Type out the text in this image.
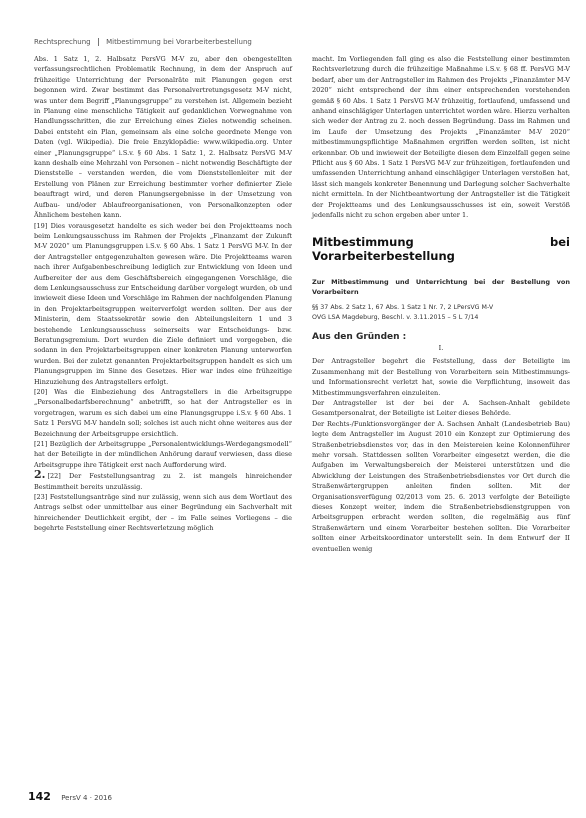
Rechtsprechung Mitbestimmung bei Vorarbeiterbestellung

Abs. 1 Satz 1, 2. Halbsatz PersVG M-V zu, aber den obengestellten verfassungsrechtlichen Problematik Rechnung, in dem der Anspruch auf frühzeitige Unterrichtung der Personalräte mit Planungen gegen erst begonnen wird. Zwar bestimmt das Personalvertretungsgesetz M-V nicht, was unter dem Begriff „Planungsgruppe“ zu verstehen ist. Allgemein bezieht in Planung eine menschliche Tätigkeit auf gedanklichen Vorwegnahme von Handlungsschritten, die zur Erreichung eines Zieles notwendig scheinen. Dabei entsteht ein Plan, gemeinsam als eine solche geordnete Menge von Daten (vgl. Wikipedia). Die freie Enzyklopädie: www.wikipedia.org. Unter einer „Planungsgruppe“ i.S.v. § 60 Abs. 1 Satz 1, 2. Halbsatz PersVG M-V kann deshalb eine Mehrzahl von Personen – nicht notwendig Beschäftigte der Dienststelle – verstanden werden, die vom Dienststellenleiter mit der Erstellung von Plänen zur Erreichung bestimmter vorher definierter Ziele beauftragt wird, und deren Planungsergebnisse in der Umsetzung von Aufbau- und/oder Ablaufreorganisationen, von Personalkonzepten oder Ähnlichem bestehen kann.

[19] Dies vorausgesetzt handelte es sich weder bei den Projektteams noch beim Lenkungsausschuss im Rahmen der Projekts „Finanzamt der Zukunft M-V 2020“ um Planungsgruppen i.S.v. § 60 Abs. 1 Satz 1 PersVG M-V. In der der Antragsteller entgegenzuhalten gewesen wäre. Die Projektteams waren nach ihrer Aufgabenbeschreibung lediglich zur Entwicklung von Ideen und Aufbereiter der aus dem Geschäftsbereich eingegangenen Vorschläge, die dem Lenkungsausschuss zur Entscheidung darüber vorgelegt wurden, ob und inwieweit diese Ideen und Vorschläge im Rahmen der nachfolgenden Planung in den Projektarbeitsgruppen weiterverfolgt werden sollten. Der aus der Ministerin, dem Staatssekretär sowie den Abteilungsleitern 1 und 3 bestehende Lenkungsausschuss seinerseits war Entscheidungs- bzw. Beratungsgremium. Dort wurden die Ziele definiert und vorgegeben, die sodann in den Projektarbeitsgruppen einer konkreten Planung unterworfen wurden. Bei der zuletzt genannten Projektarbeitsgruppen handelt es sich um Planungsgruppen im Sinne des Gesetzes. Hier war indes eine frühzeitige Hinzuziehung des Antragstellers erfolgt.

[20] Was die Einbeziehung des Antragstellers in die Arbeitsgruppe „Personalbedarfsberechnung“ anbetrifft, so hat der Antragsteller es in vorgetragen, warum es sich dabei um eine Planungsgruppe i.S.v. § 60 Abs. 1 Satz 1 PersVG M-V handeln soll; solches ist auch nicht ohne weiteres aus der Bezeichnung der Arbeitsgruppe ersichtlich.

[21] Bezüglich der Arbeitsgruppe „Personalentwicklungs-Werdegangsmodell“ hat der Beteiligte in der mündlichen Anhörung darauf verwiesen, dass diese Arbeitsgruppe ihre Tätigkeit erst nach Aufforderung wird.

2. [22] Der Feststellungsantrag zu 2. ist mangels hinreichender Bestimmtheit bereits unzulässig.

[23] Feststellungsanträge sind nur zulässig, wenn sich aus dem Wortlaut des Antrags selbst oder unmittelbar aus einer Begründung ein Sachverhalt mit hinreichender Deutlichkeit ergibt, der – im Falle seines Vorliegens – die begehrte Feststellung einer Rechtsverletzung möglich

macht. Im Vorliegenden fall ging es also die Feststellung einer bestimmten Rechtsverletzung durch die frühzeitige Maßnahme i.S.v. § 68 ff. PersVG M-V bedarf, aber um der Antragsteller im Rahmen des Projekts „Finanzämter M-V 2020“ nicht entsprechend der ihm einer entsprechenden vorstehenden gemäß § 60 Abs. 1 Satz 1 PersVG M-V frühzeitig, fortlaufend, umfassend und anhand einschlägiger Unterlagen unterrichtet worden wäre. Hierzu verhalten sich weder der Antrag zu 2. noch dessen Begründung. Dass im Rahmen und im Laufe der Umsetzung des Projekts „Finanzämter M-V 2020“ mitbestimmungspflichtige Maßnahmen ergriffen werden sollten, ist nicht erkennbar. Ob und inwieweit der Beteiligte diesen dem Einzelfall gegen seine Pflicht aus § 60 Abs. 1 Satz 1 PersVG M-V zur frühzeitigen, fortlaufenden und umfassenden Unterrichtung anhand einschlägiger Unterlagen verstoßen hat, lässt sich mangels konkreter Benennung und Darlegung solcher Sachverhalte nicht ermitteln. In der Nichtbeantwortung der Antragsteller ist die Tätigkeit der Projektteams und des Lenkungsausschusses ist ein, soweit Verstöß jedenfalls nicht zu schon ergeben aber unter 1.

Mitbestimmung bei Vorarbeiterbestellung
Zur Mitbestimmung und Unterrichtung bei der Bestellung von Vorarbeitern
§§ 37 Abs. 2 Satz 1, 67 Abs. 1 Satz 1 Nr. 7, 2 LPersVG M-V
OVG LSA Magdeburg, Beschl. v. 3.11.2015 – 5 L 7/14
Aus den Gründen :
I.

Der Antragsteller begehrt die Feststellung, dass der Beteiligte im Zusammenhang mit der Bestellung von Vorarbeitern sein Mitbestimmungs- und Informationsrecht verletzt hat, sowie die Verpflichtung, insoweit das Mitbestimmungsverfahren einzuleiten.

Der Antragsteller ist der bei der A. Sachsen-Anhalt gebildete Gesamtpersonalrat, der Beteiligte ist Leiter dieses Behörde.

Der Rechts-/Funktionsvorgänger der A. Sachsen Anhalt (Landesbetrieb Bau) legte dem Antragsteller im August 2010 ein Konzept zur Optimierung des Straßenbetriebsdienstes vor, das in den Meistereien keine Kolonnenführer mehr vorsah. Stattdessen sollten Vorarbeiter eingesetzt werden, die die Aufgaben im Verwaltungsbereich der Meisterei unterstützen und die Abwicklung der Leistungen des Straßenbetriebsdienstes vor Ort durch die Straßenwärtergruppen anleiten finden sollten. Mit der Organisationsverfügung 02/2013 vom 25. 6. 2013 verfolgte der Beteiligte dieses Konzept weiter, indem die Straßenbetriebsdienstgruppen von Arbeitsgruppen erbracht werden sollten, die regelmäßig aus fünf Straßenwärtern und einem Vorarbeiter bestehen sollten. Die Vorarbeiter sollten einer Arbeitskoordinator unterstellt sein. In dem Entwurf der II eventuellen wenig

142 PersV 4 · 2016
